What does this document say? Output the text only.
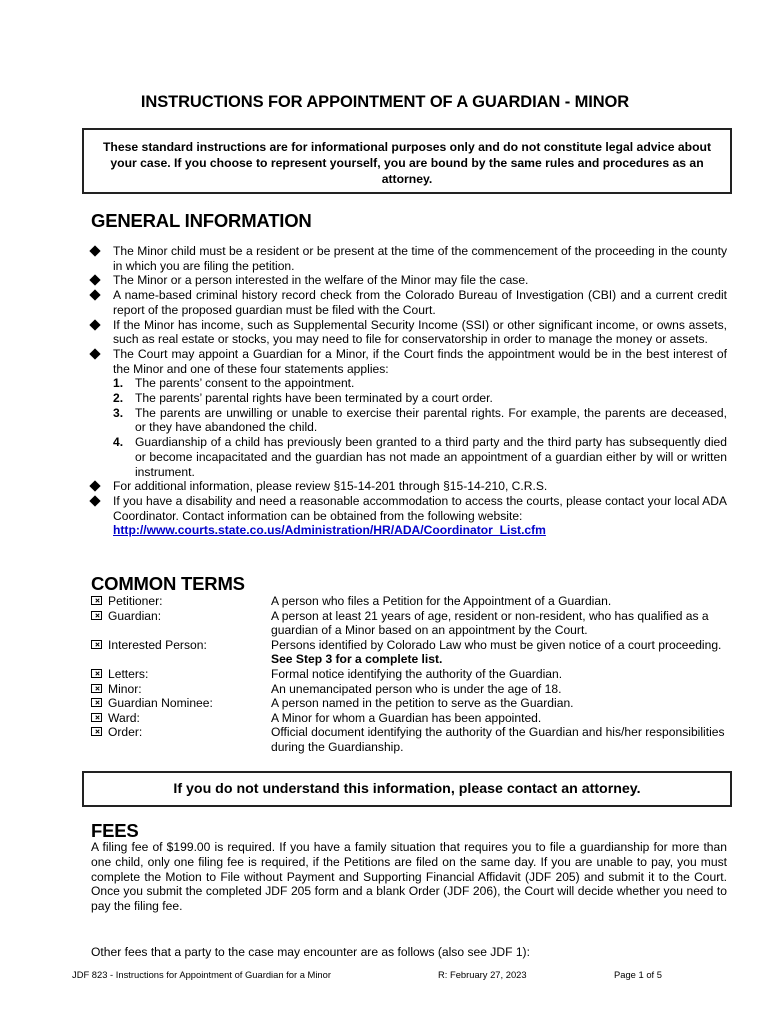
INSTRUCTIONS FOR APPOINTMENT OF A GUARDIAN - MINOR
These standard instructions are for informational purposes only and do not constitute legal advice about your case. If you choose to represent yourself, you are bound by the same rules and procedures as an attorney.
GENERAL INFORMATION
The Minor child must be a resident or be present at the time of the commencement of the proceeding in the county in which you are filing the petition.
The Minor or a person interested in the welfare of the Minor may file the case.
A name-based criminal history record check from the Colorado Bureau of Investigation (CBI) and a current credit report of the proposed guardian must be filed with the Court.
If the Minor has income, such as Supplemental Security Income (SSI) or other significant income, or owns assets, such as real estate or stocks, you may need to file for conservatorship in order to manage the money or assets.
The Court may appoint a Guardian for a Minor, if the Court finds the appointment would be in the best interest of the Minor and one of these four statements applies:
1. The parents’ consent to the appointment.
2. The parents’ parental rights have been terminated by a court order.
3. The parents are unwilling or unable to exercise their parental rights. For example, the parents are deceased, or they have abandoned the child.
4. Guardianship of a child has previously been granted to a third party and the third party has subsequently died or become incapacitated and the guardian has not made an appointment of a guardian either by will or written instrument.
For additional information, please review §15-14-201 through §15-14-210, C.R.S.
If you have a disability and need a reasonable accommodation to access the courts, please contact your local ADA Coordinator. Contact information can be obtained from the following website:
http://www.courts.state.co.us/Administration/HR/ADA/Coordinator_List.cfm
COMMON TERMS
Petitioner:	A person who files a Petition for the Appointment of a Guardian.
Guardian:	A person at least 21 years of age, resident or non-resident, who has qualified as a guardian of a Minor based on an appointment by the Court.
Interested Person:	Persons identified by Colorado Law who must be given notice of a court proceeding.  See Step 3 for a complete list.
Letters:	Formal notice identifying the authority of the Guardian.
Minor:	An unemancipated person who is under the age of 18.
Guardian Nominee:	A person named in the petition to serve as the Guardian.
Ward:	A Minor for whom a Guardian has been appointed.
Order:	Official document identifying the authority of the Guardian and his/her responsibilities during the Guardianship.
If you do not understand this information, please contact an attorney.
FEES
A filing fee of $199.00 is required. If you have a family situation that requires you to file a guardianship for more than one child, only one filing fee is required, if the Petitions are filed on the same day. If you are unable to pay, you must complete the Motion to File without Payment and Supporting Financial Affidavit (JDF 205) and submit it to the Court. Once you submit the completed JDF 205 form and a blank Order (JDF 206), the Court will decide whether you need to pay the filing fee.
Other fees that a party to the case may encounter are as follows (also see JDF 1):
JDF 823 - Instructions for Appointment of Guardian for a Minor	R: February 27, 2023	Page 1 of 5
